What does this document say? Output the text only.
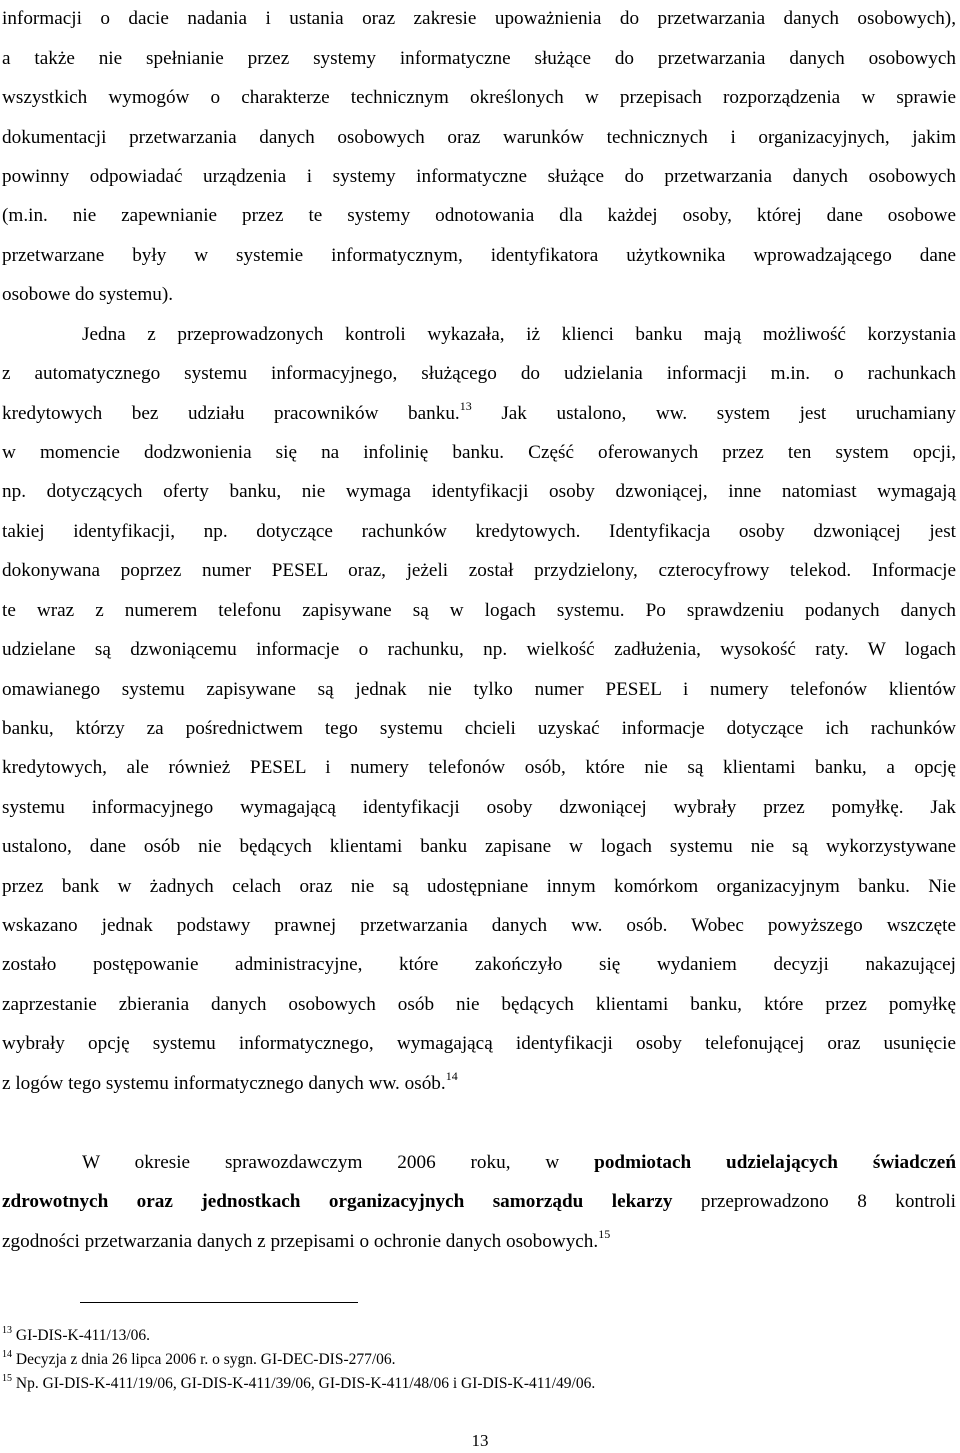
informacji o dacie nadania i ustania oraz zakresie upoważnienia do przetwarzania danych osobowych),
a także nie spełnianie przez systemy informatyczne służące do przetwarzania danych osobowych
wszystkich wymogów o charakterze technicznym określonych w przepisach rozporządzenia w sprawie
dokumentacji przetwarzania danych osobowych oraz warunków technicznych i organizacyjnych, jakim
powinny odpowiadać urządzenia i systemy informatyczne służące do przetwarzania danych osobowych
(m.in. nie zapewnianie przez te systemy odnotowania dla każdej osoby, której dane osobowe
przetwarzane były w systemie informatycznym, identyfikatora użytkownika wprowadzającego dane
osobowe do systemu).
Jedna z przeprowadzonych kontroli wykazała, iż klienci banku mają możliwość korzystania
z automatycznego systemu informacyjnego, służącego do udzielania informacji m.in. o rachunkach
kredytowych bez udziału pracowników banku.$^{13}$ Jak ustalono, ww. system jest uruchamiany
w momencie dodzwonienia się na infolinię banku. Część oferowanych przez ten system opcji,
np. dotyczących oferty banku, nie wymaga identyfikacji osoby dzwoniącej, inne natomiast wymagają
takiej identyfikacji, np. dotyczące rachunków kredytowych. Identyfikacja osoby dzwoniącej jest
dokonywana poprzez numer PESEL oraz, jeżeli został przydzielony, czterocyfrowy telekod. Informacje
te wraz z numerem telefonu zapisywane są w logach systemu. Po sprawdzeniu podanych danych
udzielane są dzwoniącemu informacje o rachunku, np. wielkość zadłużenia, wysokość raty. W logach
omawianego systemu zapisywane są jednak nie tylko numer PESEL i numery telefonów klientów
banku, którzy za pośrednictwem tego systemu chcieli uzyskać informacje dotyczące ich rachunków
kredytowych, ale również PESEL i numery telefonów osób, które nie są klientami banku, a opcję
systemu informacyjnego wymagającą identyfikacji osoby dzwoniącej wybrały przez pomyłkę. Jak
ustalono, dane osób nie będących klientami banku zapisane w logach systemu nie są wykorzystywane
przez bank w żadnych celach oraz nie są udostępniane innym komórkom organizacyjnym banku. Nie
wskazano jednak podstawy prawnej przetwarzania danych ww. osób. Wobec powyższego wszczęte
zostało postępowanie administracyjne, które zakończyło się wydaniem decyzji nakazującej
zaprzestanie zbierania danych osobowych osób nie będących klientami banku, które przez pomyłkę
wybrały opcję systemu informatycznego, wymagającą identyfikacji osoby telefonującej oraz usunięcie
z logów tego systemu informatycznego danych ww. osób.$^{14}$
W okresie sprawozdawczym 2006 roku, w podmiotach udzielających świadczeń
zdrowotnych oraz jednostkach organizacyjnych samorządu lekarzy przeprowadzono 8 kontroli
zgodności przetwarzania danych z przepisami o ochronie danych osobowych.$^{15}$
$^{13}$ GI-DIS-K-411/13/06.
$^{14}$ Decyzja z dnia 26 lipca 2006 r. o sygn. GI-DEC-DIS-277/06.
$^{15}$ Np. GI-DIS-K-411/19/06, GI-DIS-K-411/39/06, GI-DIS-K-411/48/06 i GI-DIS-K-411/49/06.
13
